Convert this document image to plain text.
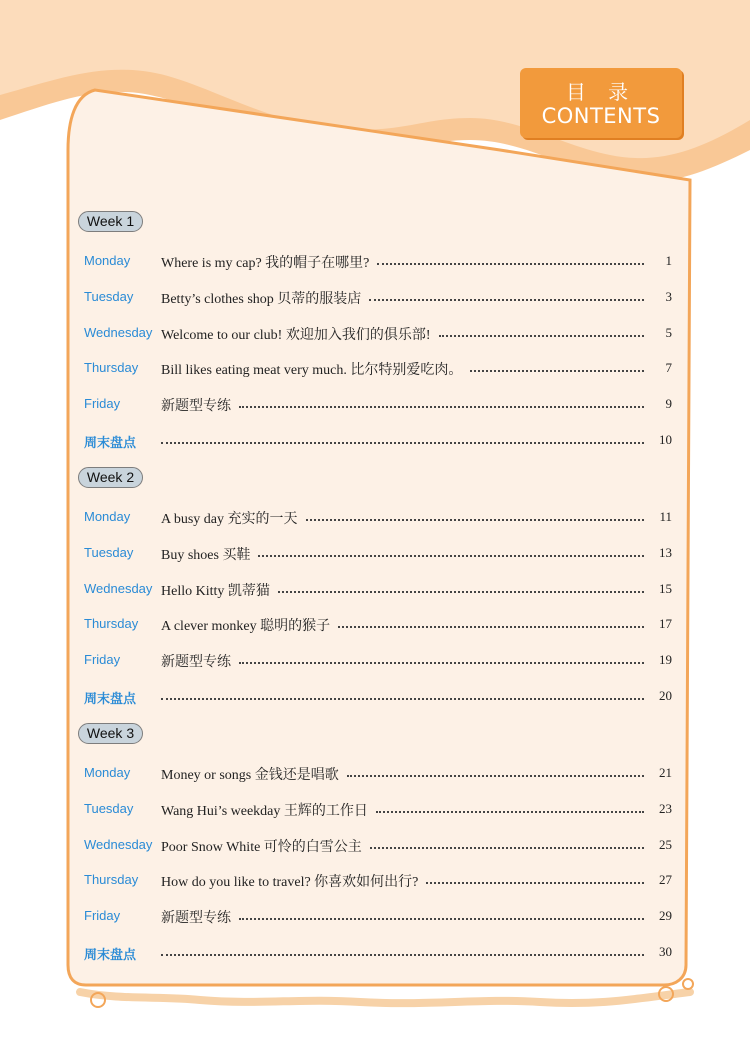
目 录
CONTENTS
Week 1
Monday Where is my cap? 我的帽子在哪里?	1
Tuesday Betty’s clothes shop 贝蒂的服装店	3
Wednesday Welcome to our club! 欢迎加入我们的俱乐部!	5
Thursday Bill likes eating meat very much. 比尔特别爱吃肉。	7
Friday	新题型专练	9
周末盘点	10
Week 2
Monday A busy day 充实的一天	11
Tuesday Buy shoes 买鞋	13
Wednesday Hello Kitty 凯蒂猫	15
Thursday A clever monkey 聪明的猴子	17
Friday	新题型专练	19
周末盘点	20
Week 3
Monday Money or songs 金钱还是唱歌	21
Tuesday Wang Hui’s weekday 王辉的工作日	23
Wednesday Poor Snow White 可怜的白雪公主	25
Thursday How do you like to travel? 你喜欢如何出行?	27
Friday	新题型专练	29
周末盘点	30
